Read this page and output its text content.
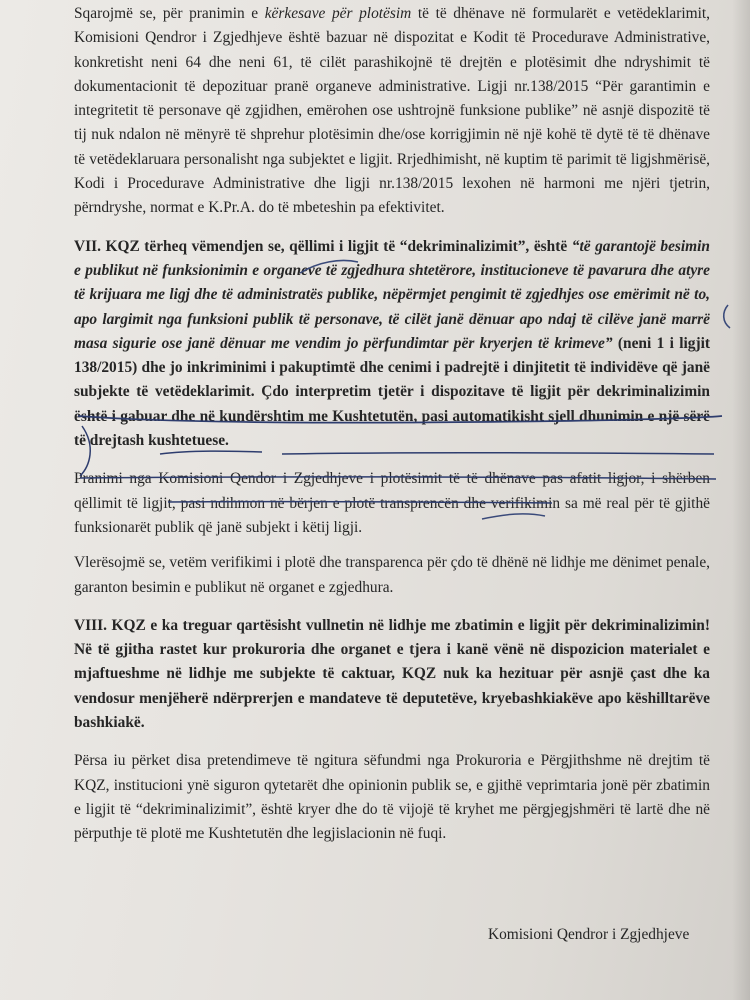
Sqarojmë se, për pranimin e kërkesave për plotësim të të dhënave në formularët e vetëdeklarimit, Komisioni Qendror i Zgjedhjeve është bazuar në dispozitat e Kodit të Procedurave Administrative, konkretisht neni 64 dhe neni 61, të cilët parashikojnë të drejtën e plotësimit dhe ndryshimit të dokumentacionit të depozituar pranë organeve administrative. Ligji nr.138/2015 “Për garantimin e integritetit të personave që zgjidhen, emërohen ose ushtrojnë funksione publike” në asnjë dispozitë të tij nuk ndalon në mënyrë të shprehur plotësimin dhe/ose korrigjimin në një kohë të dytë të të dhënave të vetëdeklaruara personalisht nga subjektet e ligjit. Rrjedhimisht, në kuptim të parimit të ligjshmërisë, Kodi i Procedurave Administrative dhe ligji nr.138/2015 lexohen në harmoni me njëri tjetrin, përndryshe, normat e K.Pr.A. do të mbeteshin pa efektivitet.

VII. KQZ tërheq vëmendjen se, qëllimi i ligjit të “dekriminalizimit”, është “të garantojë besimin e publikut në funksionimin e organeve të zgjedhura shtetërore, institucioneve të pavarura dhe atyre të krijuara me ligj dhe të administratës publike, nëpërmjet pengimit të zgjedhjes ose emërimit në to, apo largimit nga funksioni publik të personave, të cilët janë dënuar apo ndaj të cilëve janë marrë masa sigurie ose janë dënuar me vendim jo përfundimtar për kryerjen të krimeve” (neni 1 i ligjit 138/2015) dhe jo inkriminimi i pakuptimtë dhe cenimi i padrejtë i dinjitetit të individëve që janë subjekte të vetëdeklarimit. Çdo interpretim tjetër i dispozitave të ligjit për dekriminalizimin është i gabuar dhe në kundërshtim me Kushtetutën, pasi automatikisht sjell dhunimin e një sërë të drejtash kushtetuese.

Pranimi nga Komisioni Qendor i Zgjedhjeve i plotësimit të të dhënave pas afatit ligjor, i shërben qëllimit të ligjit, pasi ndihmon në bërjen e plotë transprencën dhe verifikimin sa më real për të gjithë funksionarët publik që janë subjekt i këtij ligji.

Vlerësojmë se, vetëm verifikimi i plotë dhe transparenca për çdo të dhënë në lidhje me dënimet penale, garanton besimin e publikut në organet e zgjedhura.

VIII. KQZ e ka treguar qartësisht vullnetin në lidhje me zbatimin e ligjit për dekriminalizimin! Në të gjitha rastet kur prokuroria dhe organet e tjera i kanë vënë në dispozicion materialet e mjaftueshme në lidhje me subjekte të caktuar, KQZ nuk ka hezituar për asnjë çast dhe ka vendosur menjëherë ndërprerjen e mandateve të deputetëve, kryebashkiakëve apo këshilltarëve bashkiakë.

Përsa iu përket disa pretendimeve të ngitura sëfundmi nga Prokuroria e Përgjithshme në drejtim të KQZ, institucioni ynë siguron qytetarët dhe opinionin publik se, e gjithë veprimtaria jonë për zbatimin e ligjit të “dekriminalizimit”, është kryer dhe do të vijojë të kryhet me përgjegjshmëri të lartë dhe në përputhje të plotë me Kushtetutën dhe legjislacionin në fuqi.

Komisioni Qendror i Zgjedhjeve
